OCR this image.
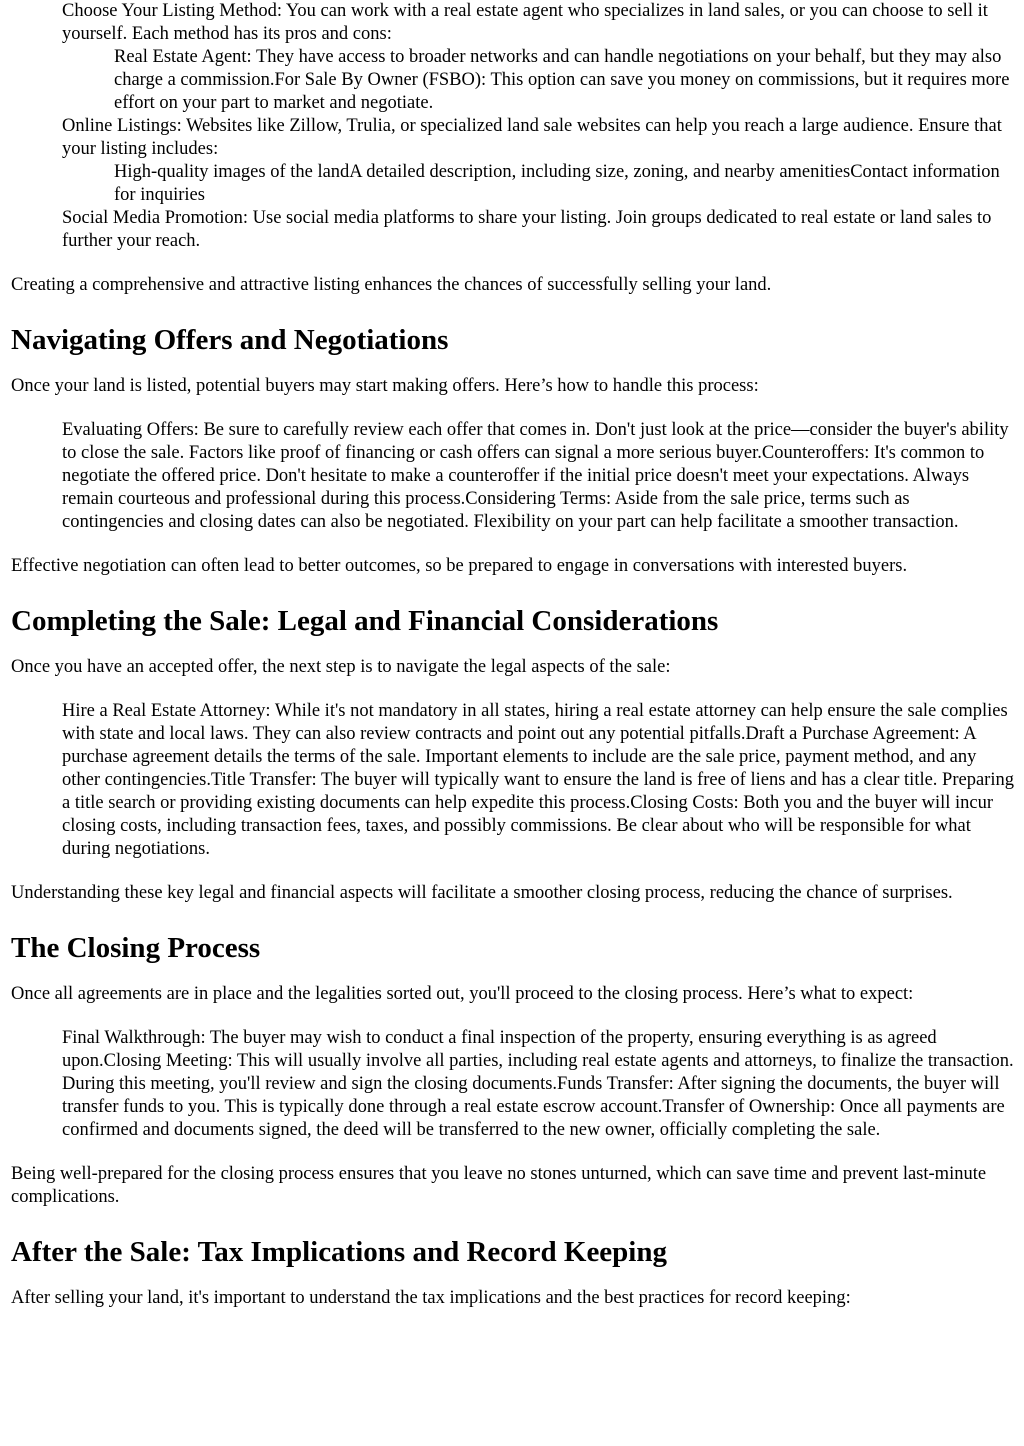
Choose Your Listing Method: You can work with a real estate agent who specializes in land sales, or you can choose to sell it yourself. Each method has its pros and cons:

Real Estate Agent: They have access to broader networks and can handle negotiations on your behalf, but they may also charge a commission.For Sale By Owner (FSBO): This option can save you money on commissions, but it requires more effort on your part to market and negotiate.

Online Listings: Websites like Zillow, Trulia, or specialized land sale websites can help you reach a large audience. Ensure that your listing includes:

High-quality images of the landA detailed description, including size, zoning, and nearby amenitiesContact information for inquiries

Social Media Promotion: Use social media platforms to share your listing. Join groups dedicated to real estate or land sales to further your reach.

Creating a comprehensive and attractive listing enhances the chances of successfully selling your land.

Navigating Offers and Negotiations

Once your land is listed, potential buyers may start making offers. Here’s how to handle this process:

Evaluating Offers: Be sure to carefully review each offer that comes in. Don't just look at the price—consider the buyer's ability to close the sale. Factors like proof of financing or cash offers can signal a more serious buyer.Counteroffers: It's common to negotiate the offered price. Don't hesitate to make a counteroffer if the initial price doesn't meet your expectations. Always remain courteous and professional during this process.Considering Terms: Aside from the sale price, terms such as contingencies and closing dates can also be negotiated. Flexibility on your part can help facilitate a smoother transaction.

Effective negotiation can often lead to better outcomes, so be prepared to engage in conversations with interested buyers.

Completing the Sale: Legal and Financial Considerations

Once you have an accepted offer, the next step is to navigate the legal aspects of the sale:

Hire a Real Estate Attorney: While it's not mandatory in all states, hiring a real estate attorney can help ensure the sale complies with state and local laws. They can also review contracts and point out any potential pitfalls.Draft a Purchase Agreement: A purchase agreement details the terms of the sale. Important elements to include are the sale price, payment method, and any other contingencies.Title Transfer: The buyer will typically want to ensure the land is free of liens and has a clear title. Preparing a title search or providing existing documents can help expedite this process.Closing Costs: Both you and the buyer will incur closing costs, including transaction fees, taxes, and possibly commissions. Be clear about who will be responsible for what during negotiations.

Understanding these key legal and financial aspects will facilitate a smoother closing process, reducing the chance of surprises.

The Closing Process

Once all agreements are in place and the legalities sorted out, you'll proceed to the closing process. Here’s what to expect:

Final Walkthrough: The buyer may wish to conduct a final inspection of the property, ensuring everything is as agreed upon.Closing Meeting: This will usually involve all parties, including real estate agents and attorneys, to finalize the transaction. During this meeting, you'll review and sign the closing documents.Funds Transfer: After signing the documents, the buyer will transfer funds to you. This is typically done through a real estate escrow account.Transfer of Ownership: Once all payments are confirmed and documents signed, the deed will be transferred to the new owner, officially completing the sale.

Being well-prepared for the closing process ensures that you leave no stones unturned, which can save time and prevent last-minute complications.

After the Sale: Tax Implications and Record Keeping

After selling your land, it's important to understand the tax implications and the best practices for record keeping:
